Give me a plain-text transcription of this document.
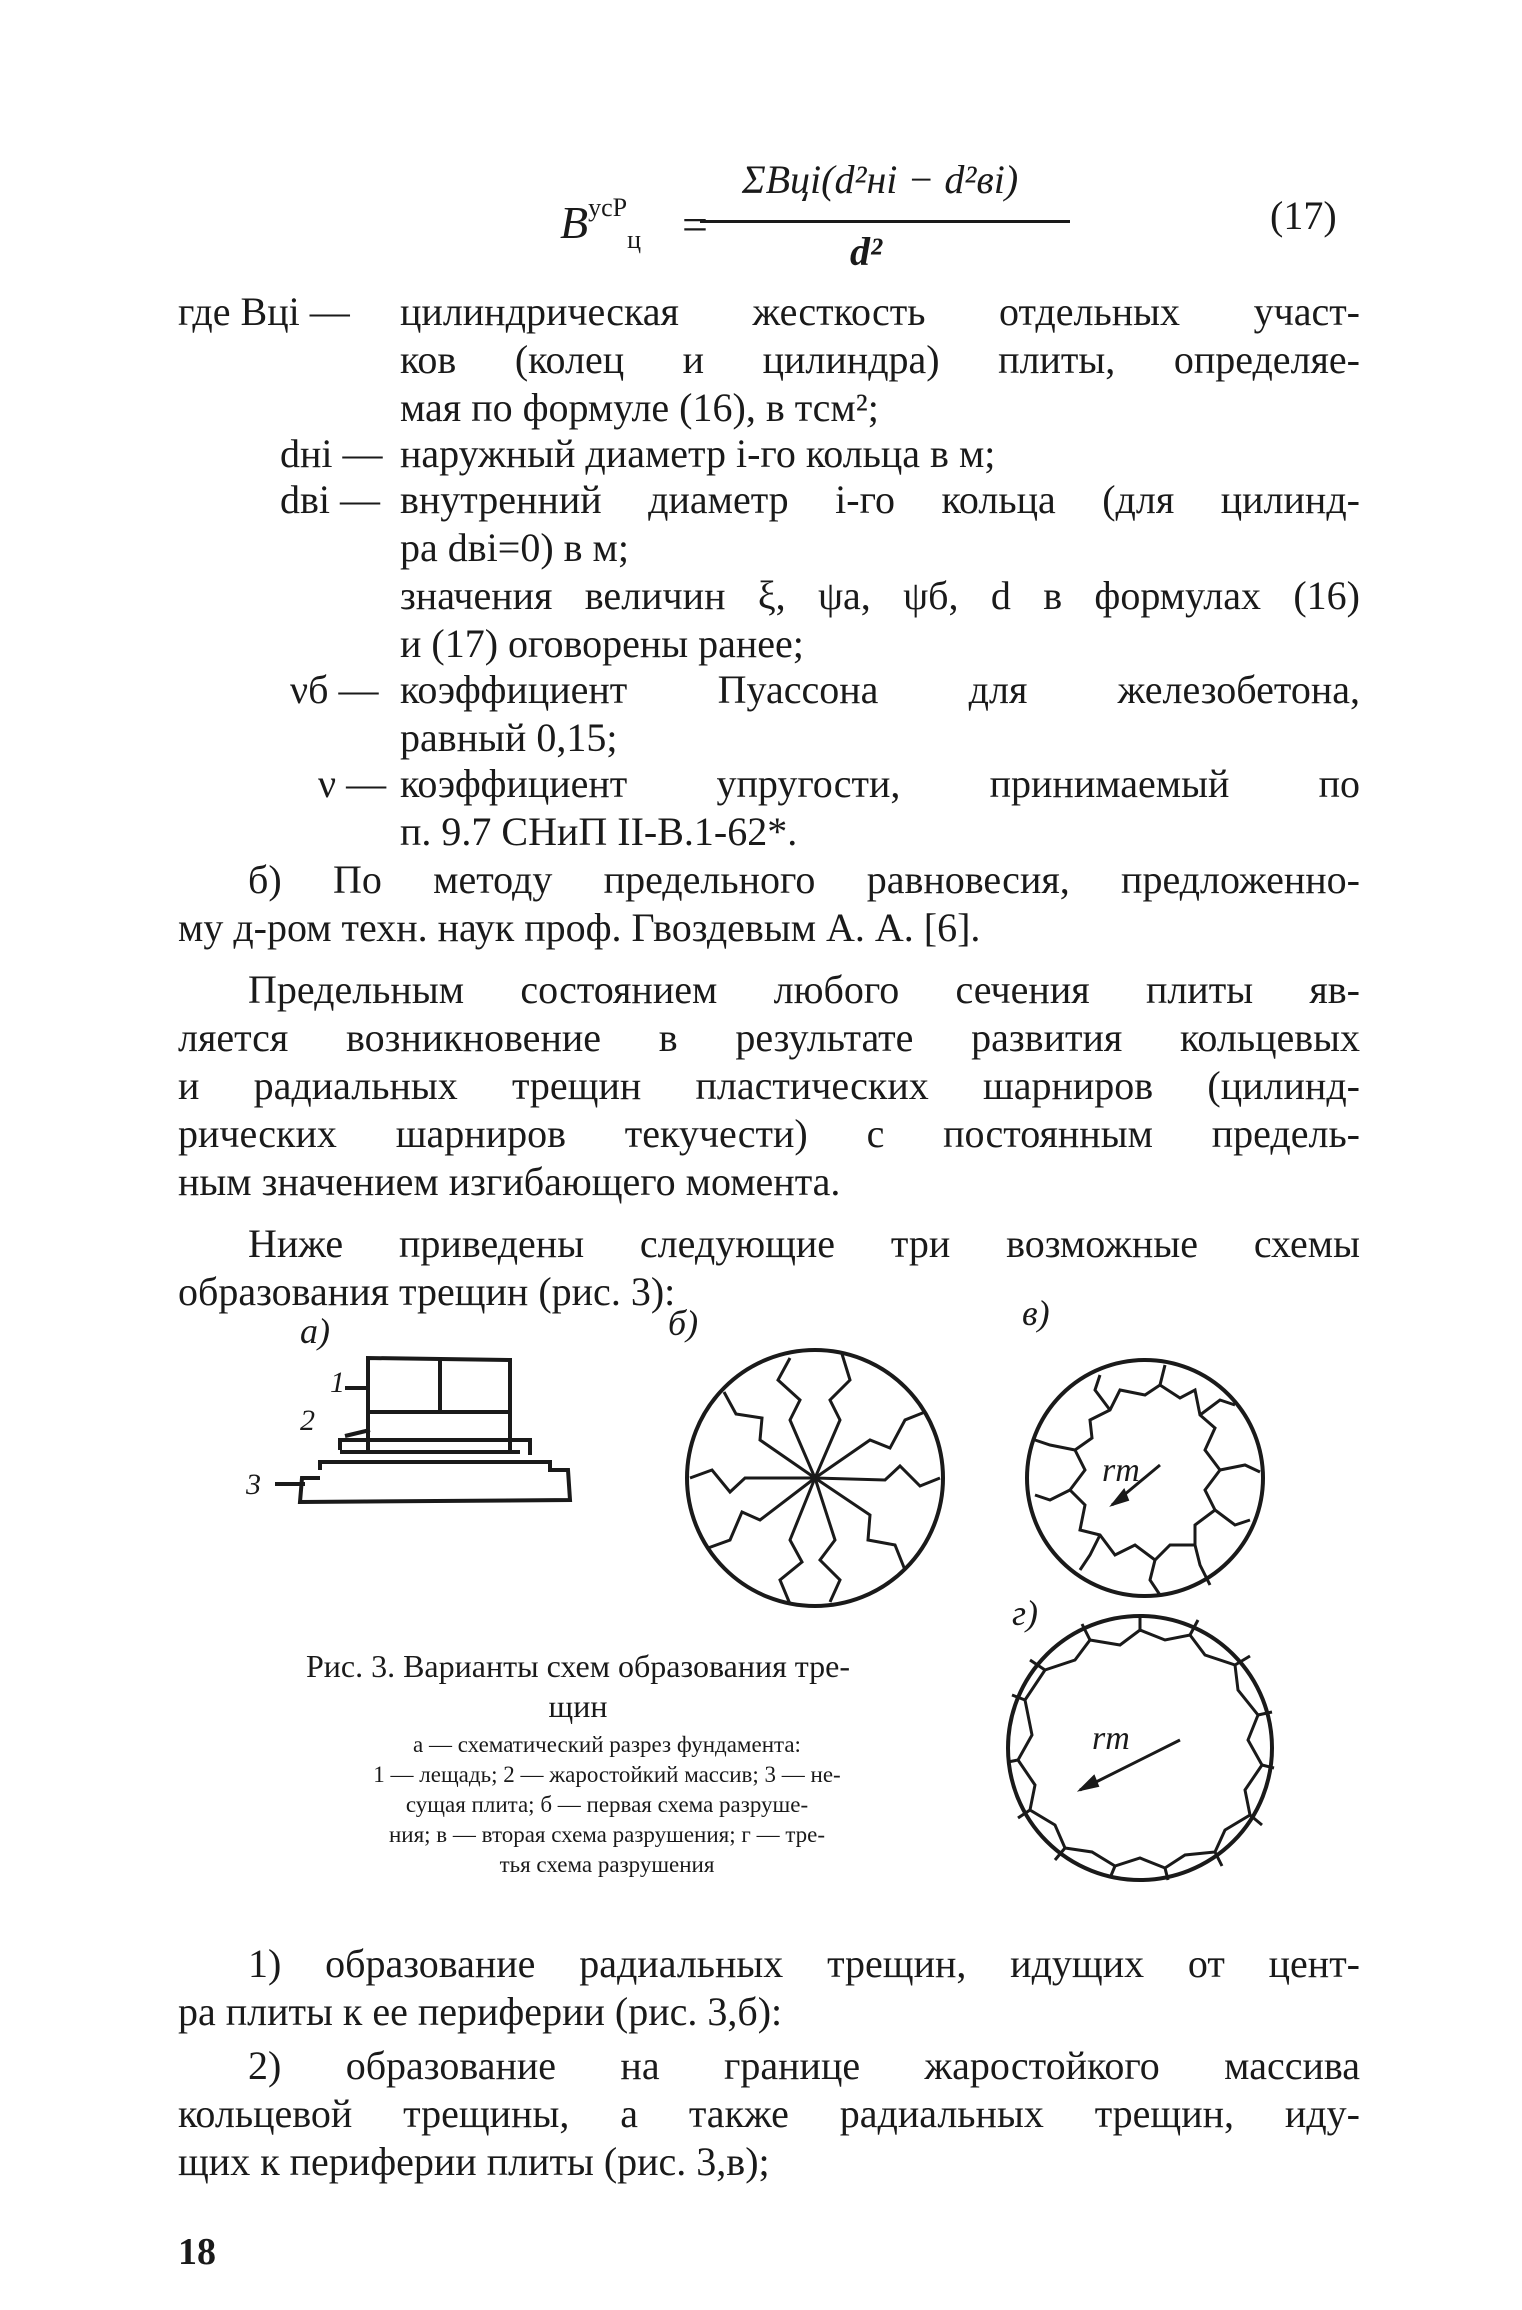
$B^{усР}_ц$ =
ΣBцi(d²нi − d²вi)
d²
(17)
где Bцi — цилиндрическая жесткость отдельных участ-
ков (колец и цилиндра) плиты, определяе-
мая по формуле (16), в тсм²;
dнi — наружный диаметр i-го кольца в м;
dвi — внутренний диаметр i-го кольца (для цилинд-
ра dвi=0) в м;
значения величин ξ, ψа, ψб, d в формулах (16)
и (17) оговорены ранее;
νб — коэффициент Пуассона для железобетона,
равный 0,15;
ν — коэффициент упругости, принимаемый по
п. 9.7 СНиП II-В.1-62*.
б) По методу предельного равновесия, предложенно-
му д-ром техн. наук проф. Гвоздевым А. А. [6].
Предельным состоянием любого сечения плиты яв-
ляется возникновение в результате развития кольцевых
и радиальных трещин пластических шарниров (цилинд-
рических шарниров текучести) с постоянным предель-
ным значением изгибающего момента.
Ниже приведены следующие три возможные схемы
образования трещин (рис. 3):
а)	б)	в)
г)
1
2
3	rm
rm
Рис. 3. Варианты схем образования тре-
щин
а — схематический разрез фундамента:
1 — лещадь; 2 — жаростойкий массив; 3 — не-
сущая плита; б — первая схема разруше-
ния; в — вторая схема разрушения; г — тре-
тья схема разрушения
1) образование радиальных трещин, идущих от цент-
ра плиты к ее периферии (рис. 3,б):
2) образование на границе жаростойкого массива
кольцевой трещины, а также радиальных трещин, иду-
щих к периферии плиты (рис. 3,в);
18
